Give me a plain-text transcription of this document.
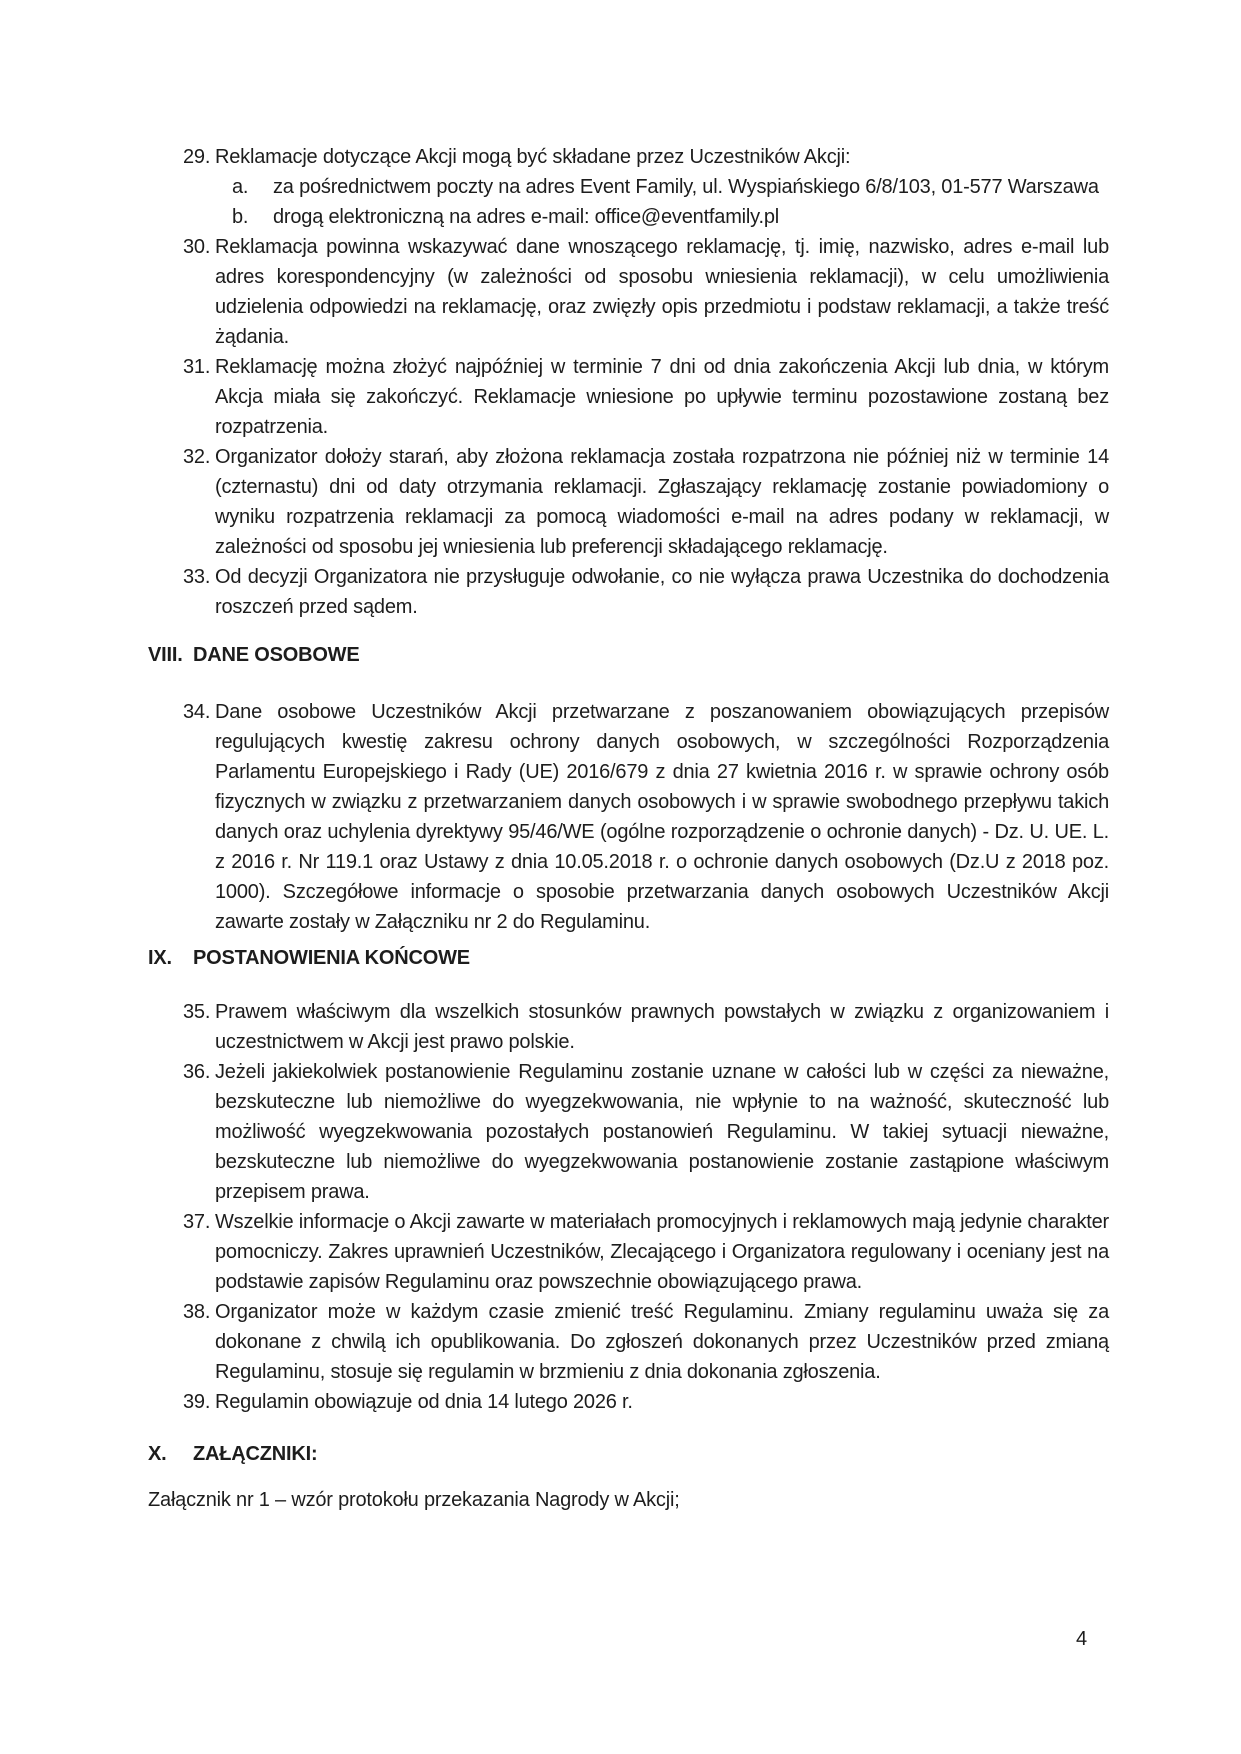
29. Reklamacje dotyczące Akcji mogą być składane przez Uczestników Akcji:
a.	za pośrednictwem poczty na adres Event Family, ul. Wyspiańskiego 6/8/103, 01-577 Warszawa
b.	drogą elektroniczną na adres e-mail: office@eventfamily.pl
30. Reklamacja powinna wskazywać dane wnoszącego reklamację, tj. imię, nazwisko, adres e-mail lub adres korespondencyjny (w zależności od sposobu wniesienia reklamacji), w celu umożliwienia udzielenia odpowiedzi na reklamację, oraz zwięzły opis przedmiotu i podstaw reklamacji, a także treść żądania.
31. Reklamację można złożyć najpóźniej w terminie 7 dni od dnia zakończenia Akcji lub dnia, w którym Akcja miała się zakończyć. Reklamacje wniesione po upływie terminu pozostawione zostaną bez rozpatrzenia.
32. Organizator dołoży starań, aby złożona reklamacja została rozpatrzona nie później niż w terminie 14 (czternastu) dni od daty otrzymania reklamacji. Zgłaszający reklamację zostanie powiadomiony o wyniku rozpatrzenia reklamacji za pomocą wiadomości e-mail na adres podany w reklamacji, w zależności od sposobu jej wniesienia lub preferencji składającego reklamację.
33. Od decyzji Organizatora nie przysługuje odwołanie, co nie wyłącza prawa Uczestnika do dochodzenia roszczeń przed sądem.
VIII. DANE OSOBOWE
34. Dane osobowe Uczestników Akcji przetwarzane z poszanowaniem obowiązujących przepisów regulujących kwestię zakresu ochrony danych osobowych, w szczególności Rozporządzenia Parlamentu Europejskiego i Rady (UE) 2016/679 z dnia 27 kwietnia 2016 r. w sprawie ochrony osób fizycznych w związku z przetwarzaniem danych osobowych i w sprawie swobodnego przepływu takich danych oraz uchylenia dyrektywy 95/46/WE (ogólne rozporządzenie o ochronie danych) - Dz. U. UE. L. z 2016 r. Nr 119.1 oraz Ustawy z dnia 10.05.2018 r. o ochronie danych osobowych (Dz.U z 2018 poz. 1000). Szczegółowe informacje o sposobie przetwarzania danych osobowych Uczestników Akcji zawarte zostały w Załączniku nr 2 do Regulaminu.
IX.	POSTANOWIENIA KOŃCOWE
35. Prawem właściwym dla wszelkich stosunków prawnych powstałych w związku z organizowaniem i uczestnictwem w Akcji jest prawo polskie.
36. Jeżeli jakiekolwiek postanowienie Regulaminu zostanie uznane w całości lub w części za nieważne, bezskuteczne lub niemożliwe do wyegzekwowania, nie wpłynie to na ważność, skuteczność lub możliwość wyegzekwowania pozostałych postanowień Regulaminu. W takiej sytuacji nieważne, bezskuteczne lub niemożliwe do wyegzekwowania postanowienie zostanie zastąpione właściwym przepisem prawa.
37. Wszelkie informacje o Akcji zawarte w materiałach promocyjnych i reklamowych mają jedynie charakter pomocniczy. Zakres uprawnień Uczestników, Zlecającego i Organizatora regulowany i oceniany jest na podstawie zapisów Regulaminu oraz powszechnie obowiązującego prawa.
38. Organizator może w każdym czasie zmienić treść Regulaminu. Zmiany regulaminu uważa się za dokonane z chwilą ich opublikowania. Do zgłoszeń dokonanych przez Uczestników przed zmianą Regulaminu, stosuje się regulamin w brzmieniu z dnia dokonania zgłoszenia.
39. Regulamin obowiązuje od dnia 14 lutego 2026 r.
X.	ZAŁĄCZNIKI:

Załącznik nr 1 – wzór protokołu przekazania Nagrody w Akcji;

4
